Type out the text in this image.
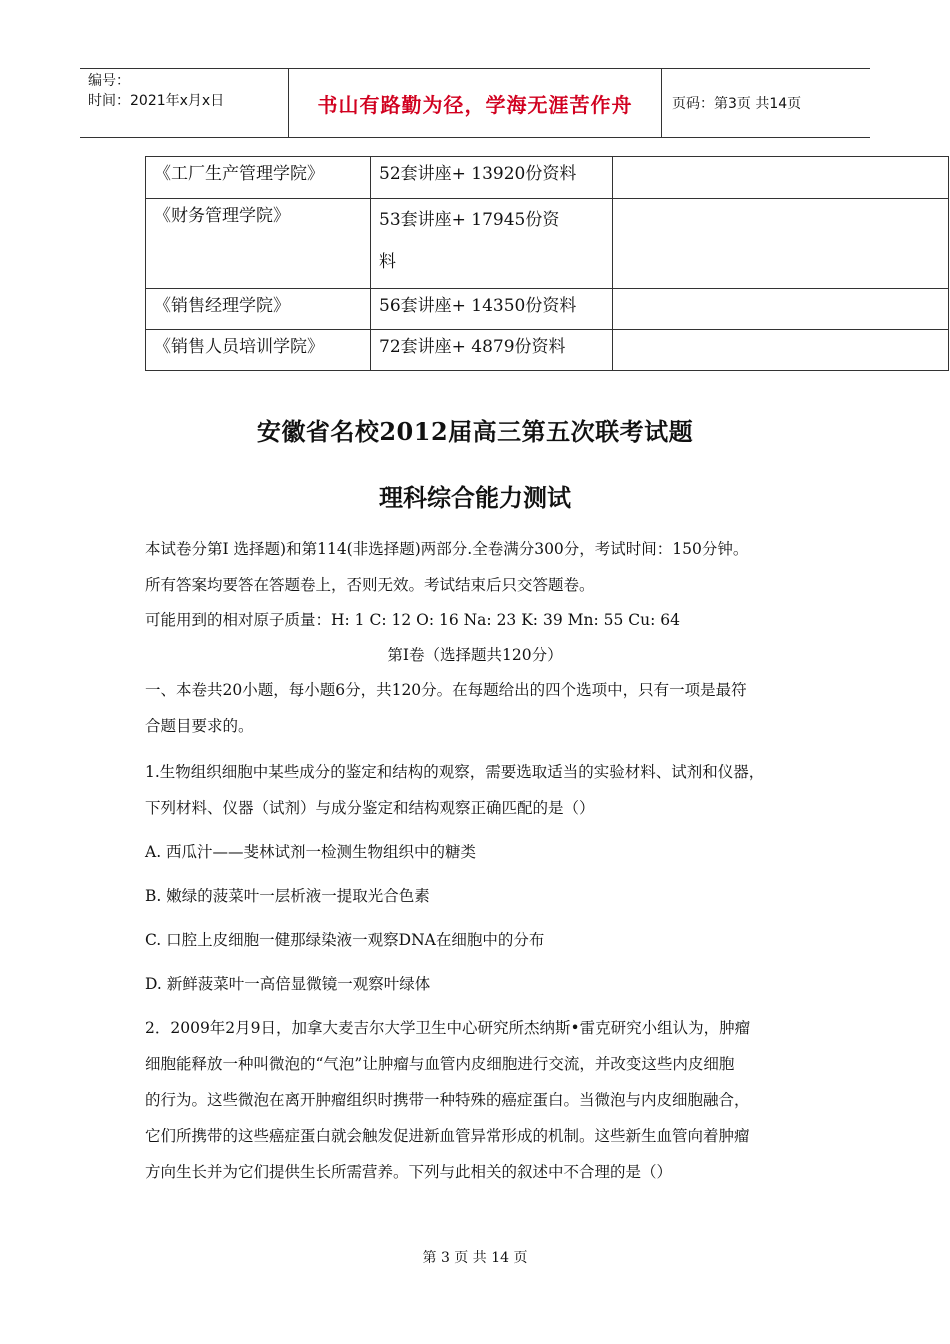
编号：
时间：2021年x月x日	书山有路勤为径，学海无涯苦作舟	页码：第3页 共14页
《工厂生产管理学院》	52套讲座+ 13920份资料	
《财务管理学院》	53套讲座+ 17945份资
料	

《销售经理学院》	56套讲座+ 14350份资料	
《销售人员培训学院》	72套讲座+ 4879份资料	
安徽省名校2012届高三第五次联考试题
理科综合能力测试
本试卷分第Ⅰ 选择题)和第114(非选择题)两部分.全卷满分300分，考试时间：150分钟。
所有答案均要答在答题卷上，否则无效。考试结束后只交答题卷。
可能用到的相对原子质量：H: 1 C: 12 O: 16 Na: 23 K: 39 Mn: 55 Cu: 64
第Ⅰ卷（选择题共120分）
一、本卷共20小题，每小题6分，共120分。在每题给出的四个选项中，只有一项是最符
合题目要求的。
1.生物组织细胞中某些成分的鉴定和结构的观察，需要选取适当的实验材料、试剂和仪器，
下列材料、仪器（试剂）与成分鉴定和结构观察正确匹配的是（）
A. 西瓜汁——斐林试剂一检测生物组织中的糖类
B. 嫩绿的菠菜叶一层析液一提取光合色素
C. 口腔上皮细胞一健那绿染液一观察DNA在细胞中的分布
D. 新鲜菠菜叶一高倍显微镜一观察叶绿体
2．2009年2月9日，加拿大麦吉尔大学卫生中心研究所杰纳斯•雷克研究小组认为，肿瘤
细胞能释放一种叫微泡的“气泡”让肿瘤与血管内皮细胞进行交流，并改变这些内皮细胞
的行为。这些微泡在离开肿瘤组织时携带一种特殊的癌症蛋白。当微泡与内皮细胞融合，
它们所携带的这些癌症蛋白就会触发促进新血管异常形成的机制。这些新生血管向着肿瘤
方向生长并为它们提供生长所需营养。下列与此相关的叙述中不合理的是（）
第 3 页 共 14 页
